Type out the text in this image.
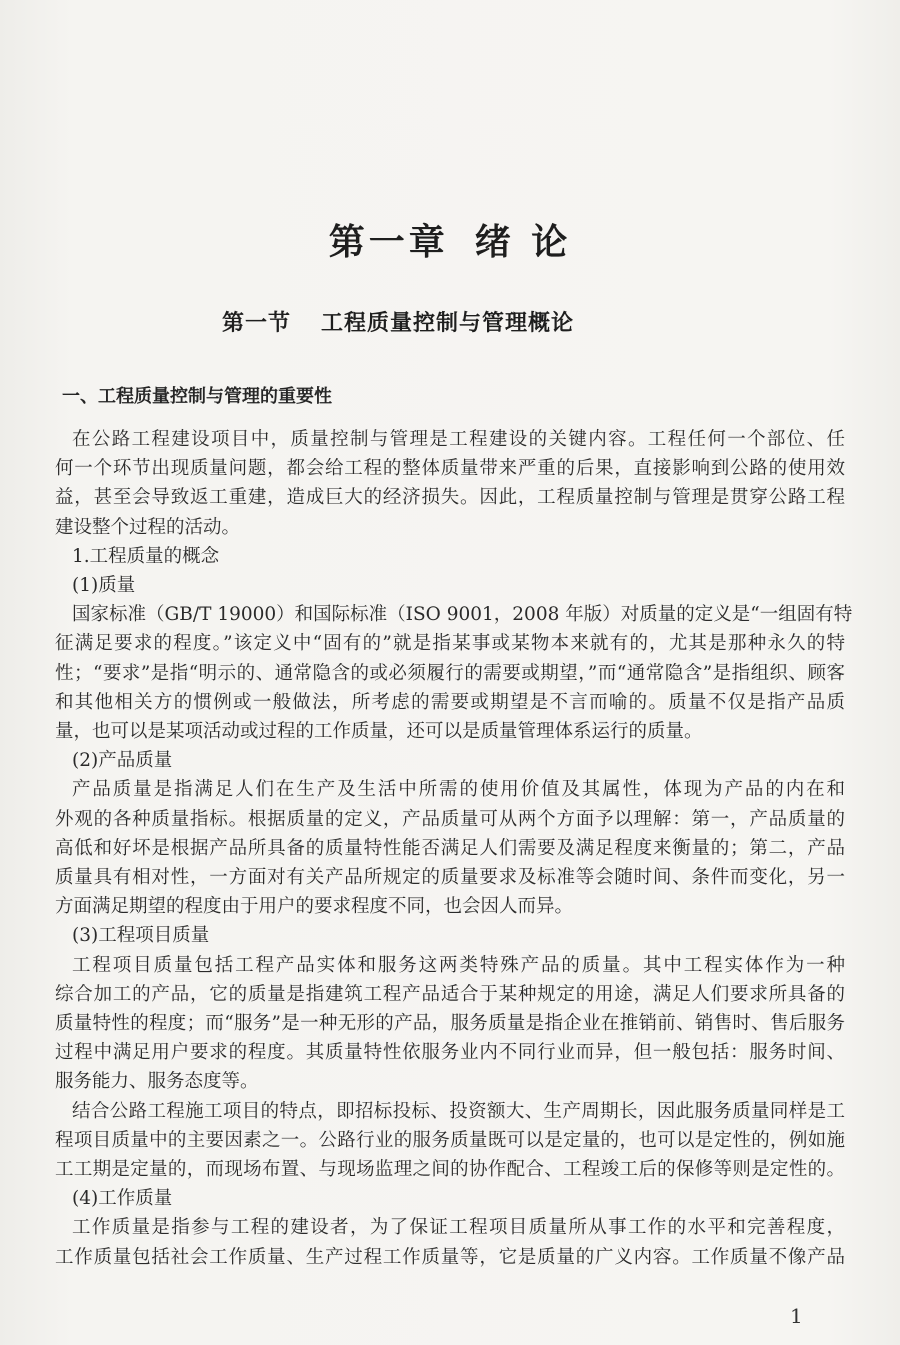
第一章 绪 论
第一节 工程质量控制与管理概论
一、工程质量控制与管理的重要性
在公路工程建设项目中，质量控制与管理是工程建设的关键内容。工程任何一个部位、任
何一个环节出现质量问题，都会给工程的整体质量带来严重的后果，直接影响到公路的使用效
益，甚至会导致返工重建，造成巨大的经济损失。因此，工程质量控制与管理是贯穿公路工程
建设整个过程的活动。
1.工程质量的概念
(1)质量
国家标准（GB/T 19000）和国际标准（ISO 9001，2008 年版）对质量的定义是“一组固有特
征满足要求的程度。”该定义中“固有的”就是指某事或某物本来就有的，尤其是那种永久的特
性；“要求”是指“明示的、通常隐含的或必须履行的需要或期望，”而“通常隐含”是指组织、顾客
和其他相关方的惯例或一般做法，所考虑的需要或期望是不言而喻的。质量不仅是指产品质
量，也可以是某项活动或过程的工作质量，还可以是质量管理体系运行的质量。
(2)产品质量
产品质量是指满足人们在生产及生活中所需的使用价值及其属性，体现为产品的内在和
外观的各种质量指标。根据质量的定义，产品质量可从两个方面予以理解：第一，产品质量的
高低和好坏是根据产品所具备的质量特性能否满足人们需要及满足程度来衡量的；第二，产品
质量具有相对性，一方面对有关产品所规定的质量要求及标准等会随时间、条件而变化，另一
方面满足期望的程度由于用户的要求程度不同，也会因人而异。
(3)工程项目质量
工程项目质量包括工程产品实体和服务这两类特殊产品的质量。其中工程实体作为一种
综合加工的产品，它的质量是指建筑工程产品适合于某种规定的用途，满足人们要求所具备的
质量特性的程度；而“服务”是一种无形的产品，服务质量是指企业在推销前、销售时、售后服务
过程中满足用户要求的程度。其质量特性依服务业内不同行业而异，但一般包括：服务时间、
服务能力、服务态度等。
结合公路工程施工项目的特点，即招标投标、投资额大、生产周期长，因此服务质量同样是工
程项目质量中的主要因素之一。公路行业的服务质量既可以是定量的，也可以是定性的，例如施
工工期是定量的，而现场布置、与现场监理之间的协作配合、工程竣工后的保修等则是定性的。
(4)工作质量
工作质量是指参与工程的建设者，为了保证工程项目质量所从事工作的水平和完善程度，
工作质量包括社会工作质量、生产过程工作质量等，它是质量的广义内容。工作质量不像产品
1
